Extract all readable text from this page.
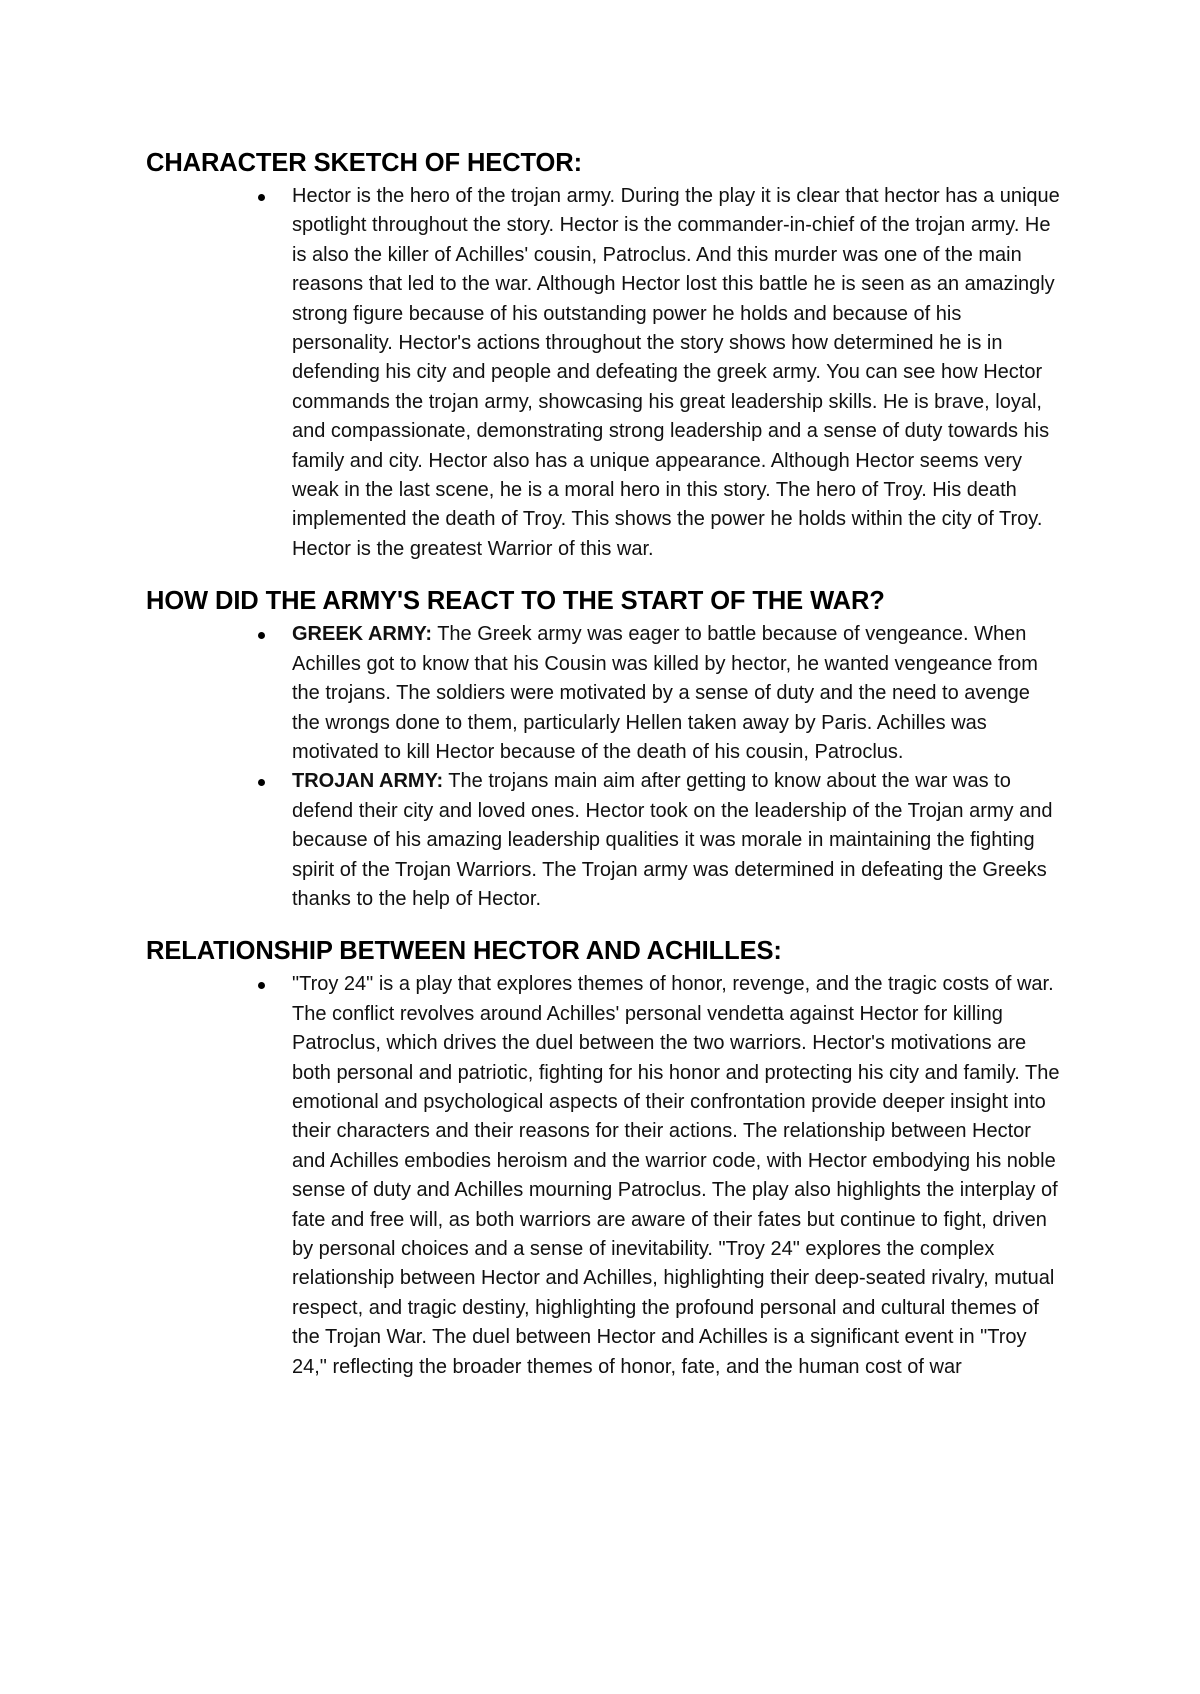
CHARACTER SKETCH OF HECTOR:
Hector is the hero of the trojan army. During the play it is clear that hector has a unique spotlight throughout the story. Hector is the commander-in-chief of the trojan army. He is also the killer of Achilles' cousin, Patroclus. And this murder was one of the main reasons that led to the war. Although Hector lost this battle he is seen as an amazingly strong figure because of his outstanding power he holds and because of his personality. Hector's actions throughout the story shows how determined he is in defending his city and people and defeating the greek army. You can see how Hector commands the trojan army, showcasing his great leadership skills. He is brave, loyal, and compassionate, demonstrating strong leadership and a sense of duty towards his family and city. Hector also has a unique appearance. Although Hector seems very weak in the last scene, he is a moral hero in this story. The hero of Troy. His death implemented the death of Troy. This shows the power he holds within the city of Troy. Hector is the greatest Warrior of this war.
HOW DID THE ARMY'S REACT TO THE START OF THE WAR?
GREEK ARMY: The Greek army was eager to battle because of vengeance. When Achilles got to know that his Cousin was killed by hector, he wanted vengeance from the trojans. The soldiers were motivated by a sense of duty and the need to avenge the wrongs done to them, particularly Hellen taken away by Paris. Achilles was motivated to kill Hector because of the death of his cousin, Patroclus.
TROJAN ARMY: The trojans main aim after getting to know about the war was to defend their city and loved ones. Hector took on the leadership of the Trojan army and because of his amazing leadership qualities it was morale in maintaining the fighting spirit of the Trojan Warriors. The Trojan army was determined in defeating the Greeks thanks to the help of Hector.
RELATIONSHIP BETWEEN HECTOR AND ACHILLES:
"Troy 24" is a play that explores themes of honor, revenge, and the tragic costs of war. The conflict revolves around Achilles' personal vendetta against Hector for killing Patroclus, which drives the duel between the two warriors. Hector's motivations are both personal and patriotic, fighting for his honor and protecting his city and family. The emotional and psychological aspects of their confrontation provide deeper insight into their characters and their reasons for their actions. The relationship between Hector and Achilles embodies heroism and the warrior code, with Hector embodying his noble sense of duty and Achilles mourning Patroclus. The play also highlights the interplay of fate and free will, as both warriors are aware of their fates but continue to fight, driven by personal choices and a sense of inevitability. "Troy 24" explores the complex relationship between Hector and Achilles, highlighting their deep-seated rivalry, mutual respect, and tragic destiny, highlighting the profound personal and cultural themes of the Trojan War. The duel between Hector and Achilles is a significant event in "Troy 24," reflecting the broader themes of honor, fate, and the human cost of war
